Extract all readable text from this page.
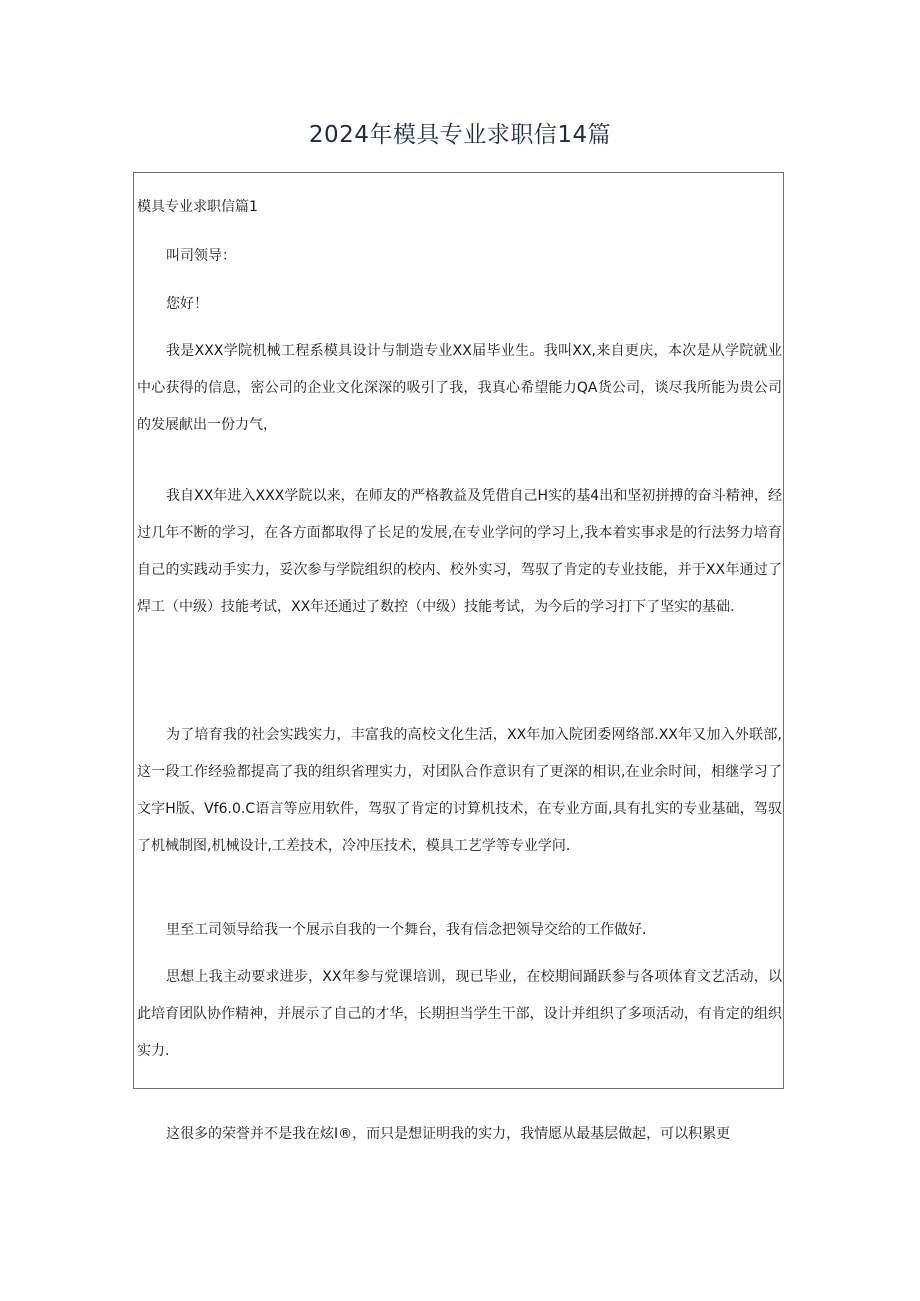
2024年模具专业求职信14篇
模具专业求职信篇1

叫司领导：

您好！

我是XXX学院机械工程系模具设计与制造专业XX届毕业生。我叫XX,来自更庆，本次是从学院就业中心获得的信息，密公司的企业文化深深的吸引了我，我真心希望能力QA货公司，谈尽我所能为贵公司的发展献出一份力气，

我自XX年进入XXX学院以来，在师友的严格教益及凭借自己H实的基4出和坚初拼搏的奋斗精神，经过几年不断的学习，在各方面都取得了长足的发展,在专业学问的学习上,我本着实事求是的行法努力培育自己的实践动手实力，妥次参与学院组织的校内、校外实习，驾驭了肯定的专业技能，并于XX年通过了焊工（中级）技能考试，XX年还通过了数控（中级）技能考试，为今后的学习打下了坚实的基础.

为了培育我的社会实践实力，丰富我的高校文化生活，XX年加入院团委网络部.XX年又加入外联部,这一段工作经验都提高了我的组织省理实力，对团队合作意识有了更深的相识,在业余时间，相继学习了文字H版、Vf6.0.C语言等应用软件，驾驭了肯定的讨算机技术，在专业方面,具有扎实的专业基础，驾驭了机械制图,机械设计,工差技术，冷冲压技术，模具工艺学等专业学问.

里至工司领导给我一个展示自我的一个舞台，我有信念把领导交给的工作做好.

思想上我主动要求进步，XX年参与党课培训，现已毕业，在校期间踊跃参与各项体育文艺活动，以此培育团队协作精神，并展示了自己的才华，长期担当学生干部，设计并组织了多项活动，有肯定的组织实力.

这很多的荣誉并不是我在炫I®，而只是想证明我的实力，我情愿从最基层做起，可以积累更
